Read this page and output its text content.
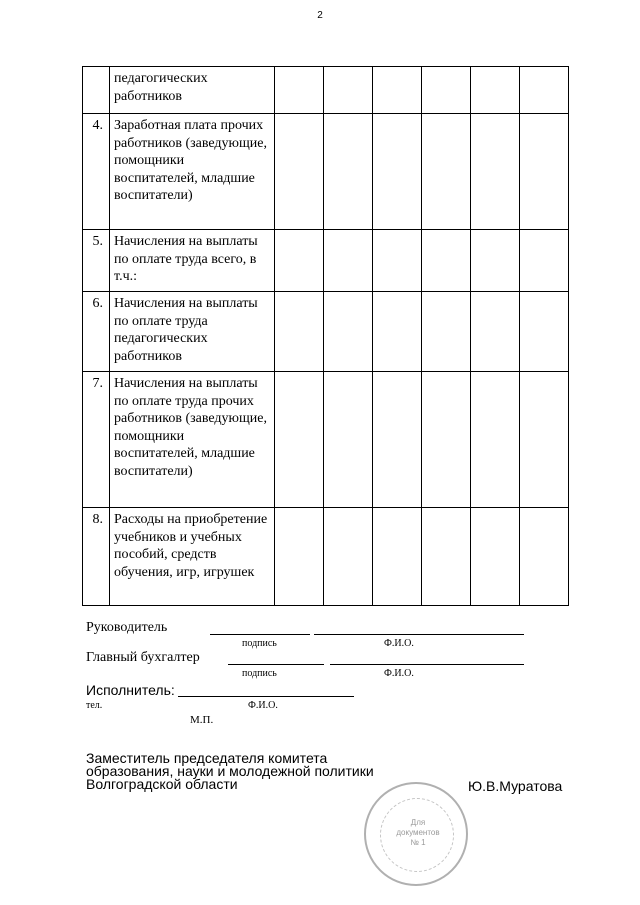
2
	педагогических работников						
4.	Заработная плата прочих работников (заведующие, помощники воспитателей, младшие воспитатели)						
5.	Начисления на выплаты по оплате труда всего, в т.ч.:						
6.	Начисления на выплаты по оплате труда педагогических работников						
7.	Начисления на выплаты по оплате труда прочих работников (заведующие, помощники воспитателей, младшие воспитатели)						
8.	Расходы на приобретение учебников и учебных пособий, средств обучения, игр, игрушек						
Руководитель
подпись	Ф.И.О.
Главный бухгалтер
подпись	Ф.И.О.
Исполнитель:
тел.	Ф.И.О.
М.П.
Заместитель председателя комитета
образования, науки и молодежной политики
Волгоградской области	Ю.В.Муратова
Для
документов
№ 1
